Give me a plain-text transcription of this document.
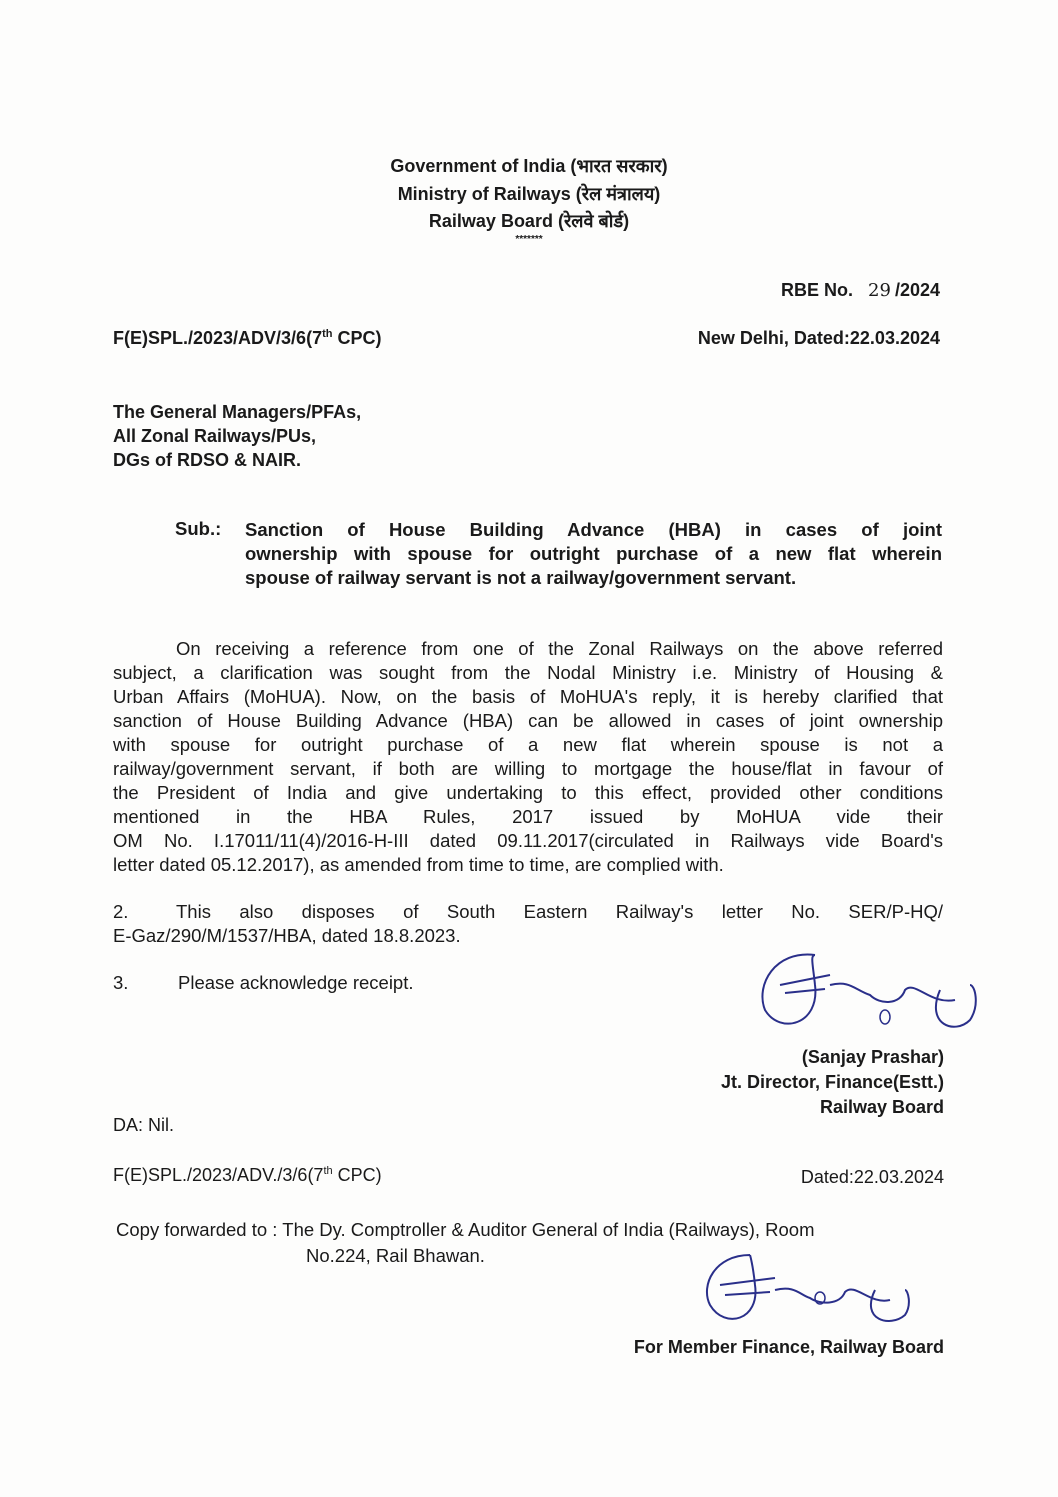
Government of India (भारत सरकार)
Ministry of Railways (रेल मंत्रालय)
Railway Board (रेलवे बोर्ड)
*******
RBE No. 29 /2024
F(E)SPL./2023/ADV/3/6(7th CPC)	New Delhi, Dated:22.03.2024
The General Managers/PFAs,
All Zonal Railways/PUs,
DGs of RDSO & NAIR.
Sub.: Sanction of House Building Advance (HBA) in cases of joint
ownership with spouse for outright purchase of a new flat wherein
spouse of railway servant is not a railway/government servant.
On receiving a reference from one of the Zonal Railways on the above referred
subject, a clarification was sought from the Nodal Ministry i.e. Ministry of Housing &
Urban Affairs (MoHUA). Now, on the basis of MoHUA's reply, it is hereby clarified that
sanction of House Building Advance (HBA) can be allowed in cases of joint ownership
with spouse for outright purchase of a new flat wherein spouse is not a
railway/government servant, if both are willing to mortgage the house/flat in favour of
the President of India and give undertaking to this effect, provided other conditions
mentioned in the HBA Rules, 2017 issued by MoHUA vide their
OM No. I.17011/11(4)/2016-H-III dated 09.11.2017(circulated in Railways vide Board's
letter dated 05.12.2017), as amended from time to time, are complied with.
2.	This also disposes of South Eastern Railway's letter No. SER/P-HQ/
E-Gaz/290/M/1537/HBA, dated 18.8.2023.
3.	Please acknowledge receipt.
(Sanjay Prashar)
Jt. Director, Finance(Estt.)
Railway Board
DA: Nil.
F(E)SPL./2023/ADV./3/6(7th CPC)	Dated:22.03.2024
Copy forwarded to : The Dy. Comptroller & Auditor General of India (Railways), Room
No.224, Rail Bhawan.
For Member Finance, Railway Board
